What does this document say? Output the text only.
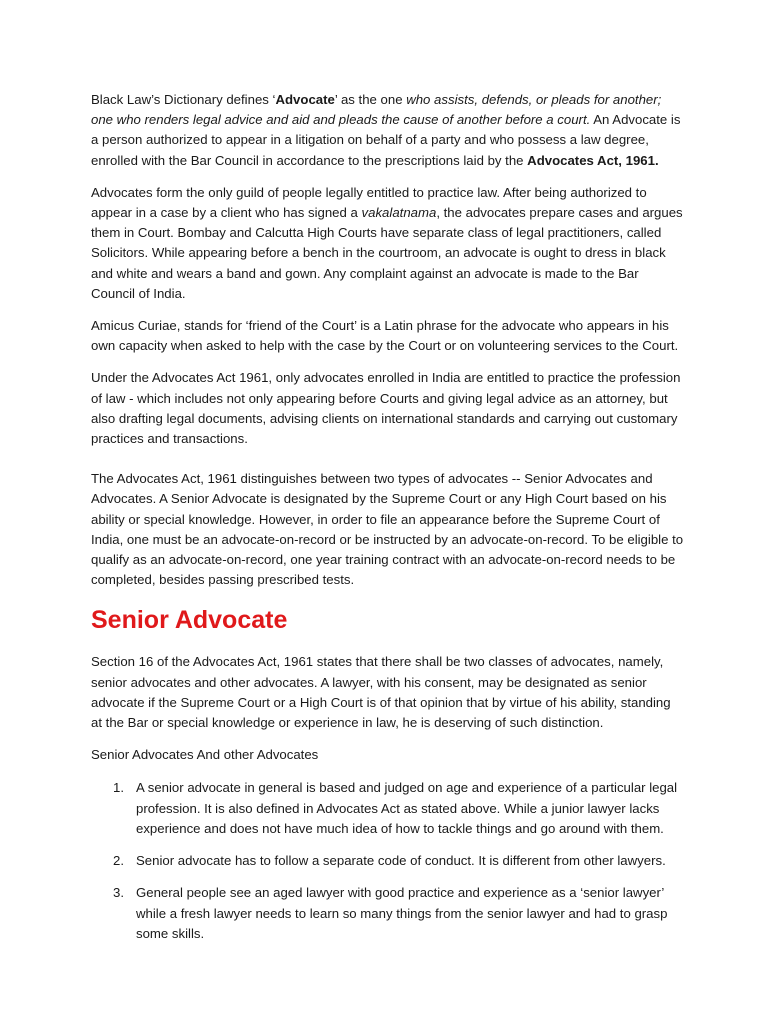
Black Law’s Dictionary defines ‘Advocate’ as the one who assists, defends, or pleads for another; one who renders legal advice and aid and pleads the cause of another before a court. An Advocate is a person authorized to appear in a litigation on behalf of a party and who possess a law degree, enrolled with the Bar Council in accordance to the prescriptions laid by the Advocates Act, 1961.

Advocates form the only guild of people legally entitled to practice law. After being authorized to appear in a case by a client who has signed a vakalatnama, the advocates prepare cases and argues them in Court. Bombay and Calcutta High Courts have separate class of legal practitioners, called Solicitors. While appearing before a bench in the courtroom, an advocate is ought to dress in black and white and wears a band and gown. Any complaint against an advocate is made to the Bar Council of India.

Amicus Curiae, stands for ‘friend of the Court’ is a Latin phrase for the advocate who appears in his own capacity when asked to help with the case by the Court or on volunteering services to the Court.

Under the Advocates Act 1961, only advocates enrolled in India are entitled to practice the profession of law - which includes not only appearing before Courts and giving legal advice as an attorney, but also drafting legal documents, advising clients on international standards and carrying out customary practices and transactions.

The Advocates Act, 1961 distinguishes between two types of advocates -- Senior Advocates and Advocates. A Senior Advocate is designated by the Supreme Court or any High Court based on his ability or special knowledge. However, in order to file an appearance before the Supreme Court of India, one must be an advocate-on-record or be instructed by an advocate-on-record. To be eligible to qualify as an advocate-on-record, one year training contract with an advocate-on-record needs to be completed, besides passing prescribed tests.

Senior Advocate

Section 16 of the Advocates Act, 1961 states that there shall be two classes of advocates, namely, senior advocates and other advocates. A lawyer, with his consent, may be designated as senior advocate if the Supreme Court or a High Court is of that opinion that by virtue of his ability, standing at the Bar or special knowledge or experience in law, he is deserving of such distinction.

Senior Advocates And other Advocates

1. A senior advocate in general is based and judged on age and experience of a particular legal profession. It is also defined in Advocates Act as stated above. While a junior lawyer lacks experience and does not have much idea of how to tackle things and go around with them.
2. Senior advocate has to follow a separate code of conduct. It is different from other lawyers.
3. General people see an aged lawyer with good practice and experience as a ‘senior lawyer’ while a fresh lawyer needs to learn so many things from the senior lawyer and had to grasp some skills.
